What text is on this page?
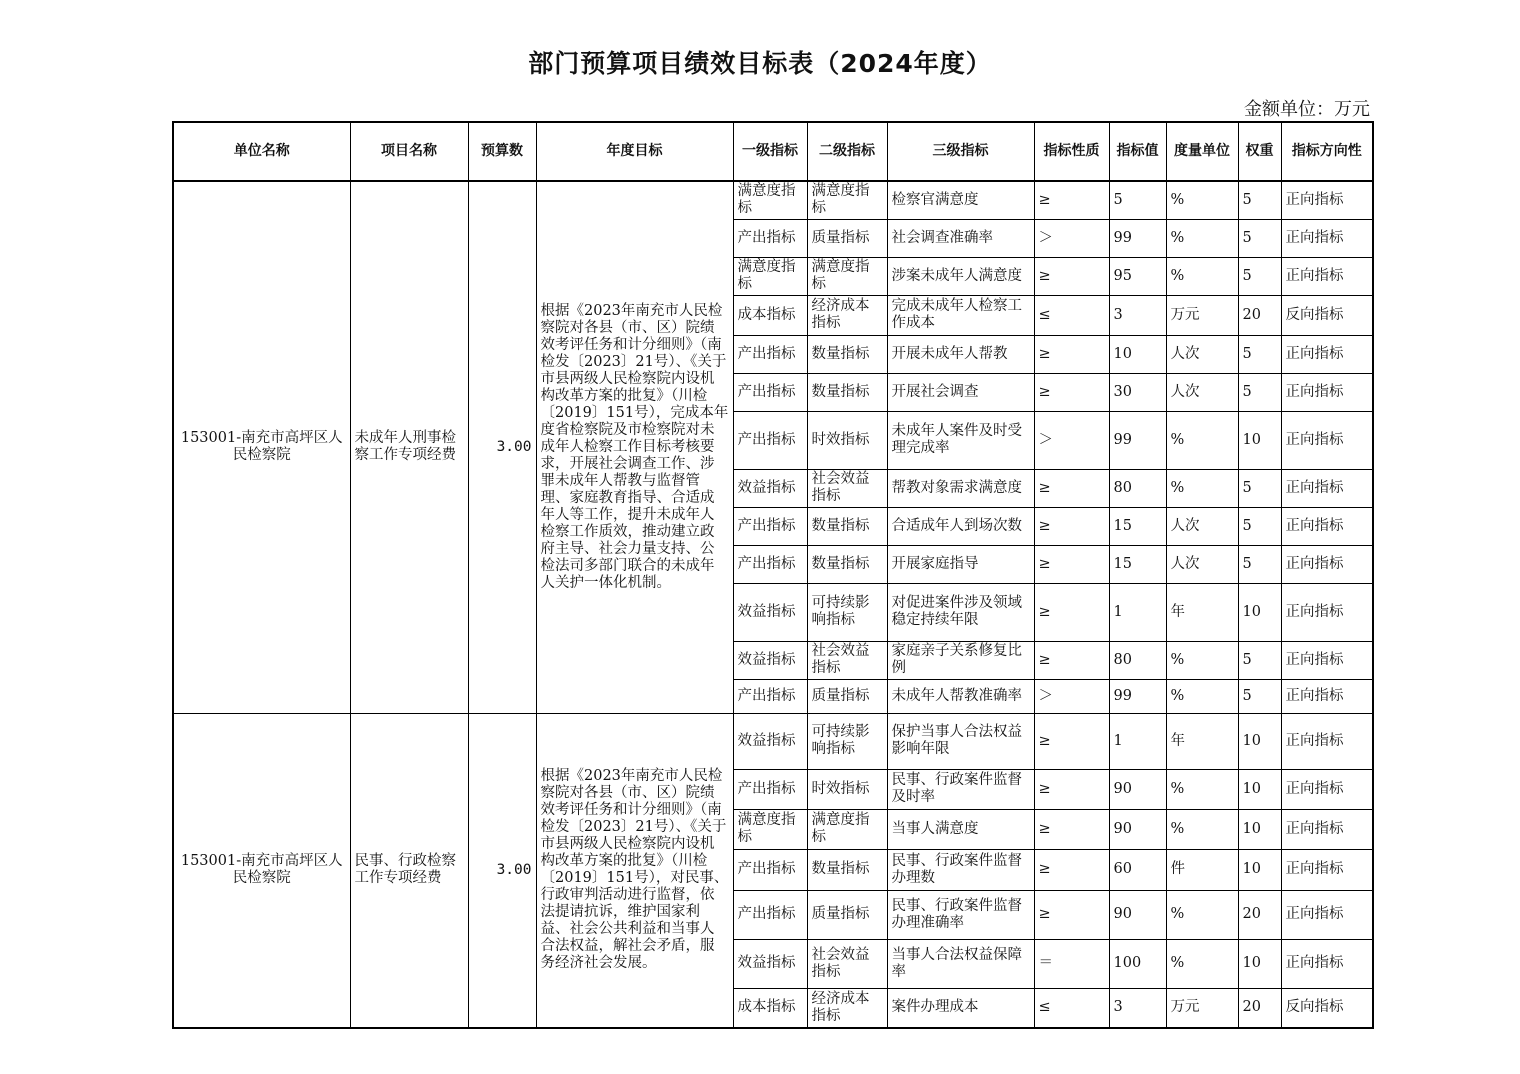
部门预算项目绩效目标表（2024年度）
金额单位：万元
单位名称	项目名称	预算数	年度目标	一级指标	二级指标	三级指标	指标性质	指标值	度量单位	权重	指标方向性
153001-南充市高坪区人民检察院	未成年人刑事检察工作专项经费	3.00	根据《2023年南充市人民检察院对各县（市、区）院绩效考评任务和计分细则》（南检发〔2023〕21号）、《关于市县两级人民检察院内设机构改革方案的批复》（川检〔2019〕151号），完成本年度省检察院及市检察院对未成年人检察工作目标考核要求，开展社会调查工作、涉罪未成年人帮教与监督管理、家庭教育指导、合适成年人等工作，提升未成年人检察工作质效，推动建立政府主导、社会力量支持、公检法司多部门联合的未成年人关护一体化机制。	满意度指标	满意度指标	检察官满意度	≥	5	%	5	正向指标
				产出指标	质量指标	社会调查准确率	＞	99	%	5	正向指标
				满意度指标	满意度指标	涉案未成年人满意度	≥	95	%	5	正向指标
				成本指标	经济成本指标	完成未成年人检察工作成本	≤	3	万元	20	反向指标
				产出指标	数量指标	开展未成年人帮教	≥	10	人次	5	正向指标
				产出指标	数量指标	开展社会调查	≥	30	人次	5	正向指标
				产出指标	时效指标	未成年人案件及时受理完成率	＞	99	%	10	正向指标
				效益指标	社会效益指标	帮教对象需求满意度	≥	80	%	5	正向指标
				产出指标	数量指标	合适成年人到场次数	≥	15	人次	5	正向指标
				产出指标	数量指标	开展家庭指导	≥	15	人次	5	正向指标
				效益指标	可持续影响指标	对促进案件涉及领域稳定持续年限	≥	1	年	10	正向指标
				效益指标	社会效益指标	家庭亲子关系修复比例	≥	80	%	5	正向指标
				产出指标	质量指标	未成年人帮教准确率	＞	99	%	5	正向指标
153001-南充市高坪区人民检察院	民事、行政检察工作专项经费	3.00	根据《2023年南充市人民检察院对各县（市、区）院绩效考评任务和计分细则》（南检发〔2023〕21号）、《关于市县两级人民检察院内设机构改革方案的批复》（川检〔2019〕151号），对民事、行政审判活动进行监督，依法提请抗诉，维护国家利益、社会公共利益和当事人合法权益，解社会矛盾，服务经济社会发展。	效益指标	可持续影响指标	保护当事人合法权益影响年限	≥	1	年	10	正向指标
				产出指标	时效指标	民事、行政案件监督及时率	≥	90	%	10	正向指标
				满意度指标	满意度指标	当事人满意度	≥	90	%	10	正向指标
				产出指标	数量指标	民事、行政案件监督办理数	≥	60	件	10	正向指标
				产出指标	质量指标	民事、行政案件监督办理准确率	≥	90	%	20	正向指标
				效益指标	社会效益指标	当事人合法权益保障率	＝	100	%	10	正向指标
				成本指标	经济成本指标	案件办理成本	≤	3	万元	20	反向指标
